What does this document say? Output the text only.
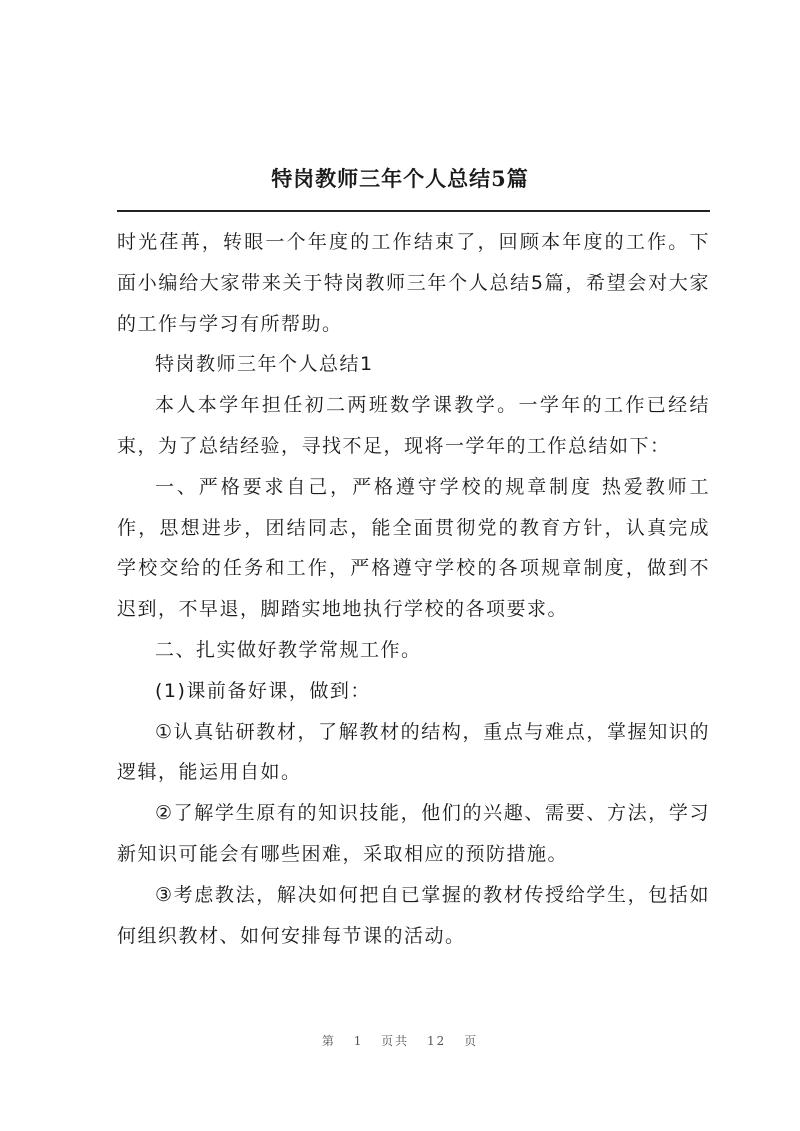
特岗教师三年个人总结5篇

时光荏苒，转眼一个年度的工作结束了，回顾本年度的工作。下面小编给大家带来关于特岗教师三年个人总结5篇，希望会对大家的工作与学习有所帮助。

特岗教师三年个人总结1

本人本学年担任初二两班数学课教学。一学年的工作已经结束，为了总结经验，寻找不足，现将一学年的工作总结如下：

一、严格要求自己，严格遵守学校的规章制度 热爱教师工作，思想进步，团结同志，能全面贯彻党的教育方针，认真完成学校交给的任务和工作，严格遵守学校的各项规章制度，做到不迟到，不早退，脚踏实地地执行学校的各项要求。

二、扎实做好教学常规工作。

(1)课前备好课，做到：

①认真钻研教材，了解教材的结构，重点与难点，掌握知识的逻辑，能运用自如。

②了解学生原有的知识技能，他们的兴趣、需要、方法，学习新知识可能会有哪些困难，采取相应的预防措施。

③考虑教法，解决如何把自已掌握的教材传授给学生，包括如何组织教材、如何安排每节课的活动。

第 1 页共 12 页
